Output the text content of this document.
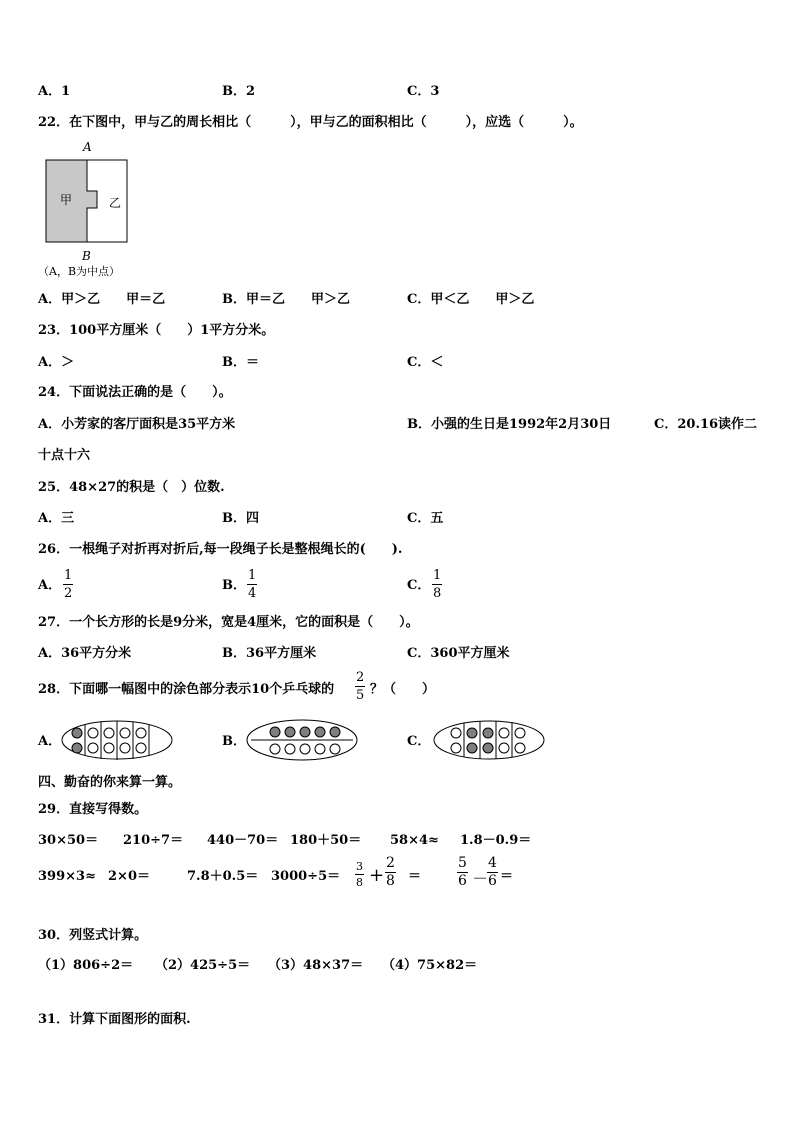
A．1	B．2	C．3
22．在下图中，甲与乙的周长相比（　　　），甲与乙的面积相比（　　　），应选（　　　）。
A
甲	乙
B
（A，B为中点）
A．甲＞乙　　甲＝乙	B．甲＝乙　　甲＞乙	C．甲＜乙　　甲＞乙
23．100平方厘米（　　）1平方分米。
A．＞	B．＝	C．＜
24．下面说法正确的是（　　）。
A．小芳家的客厅面积是35平方米	B．小强的生日是1992年2月30日	C．20.16读作二
十点十六
25．48×27的积是（　）位数.
A．三	B．四	C．五
26．一根绳子对折再对折后,每一段绳子长是整根绳长的(　　).
A．
1
2
B．
1
4
C．
1
8
27．一个长方形的长是9分米，宽是4厘米，它的面积是（　　）。
A．36平方分米	B．36平方厘米	C．360平方厘米
28．下面哪一幅图中的涂色部分表示10个乒乓球的
2
5 ？（　　）
A．	B．	C．
四、勤奋的你来算一算。
29．直接写得数。
30×50＝ 210÷7＝ 440－70＝ 180＋50＝ 58×4≈ 1.8－0.9＝
399×3≈ 2×0＝	7.8＋0.5＝ 3000÷5＝
3
8 +
2
8 ＝
5
6 －
4
6 ＝
30．列竖式计算。
（1）806÷2＝ （2）425÷5＝ （3）48×37＝ （4）75×82＝
31．计算下面图形的面积.
